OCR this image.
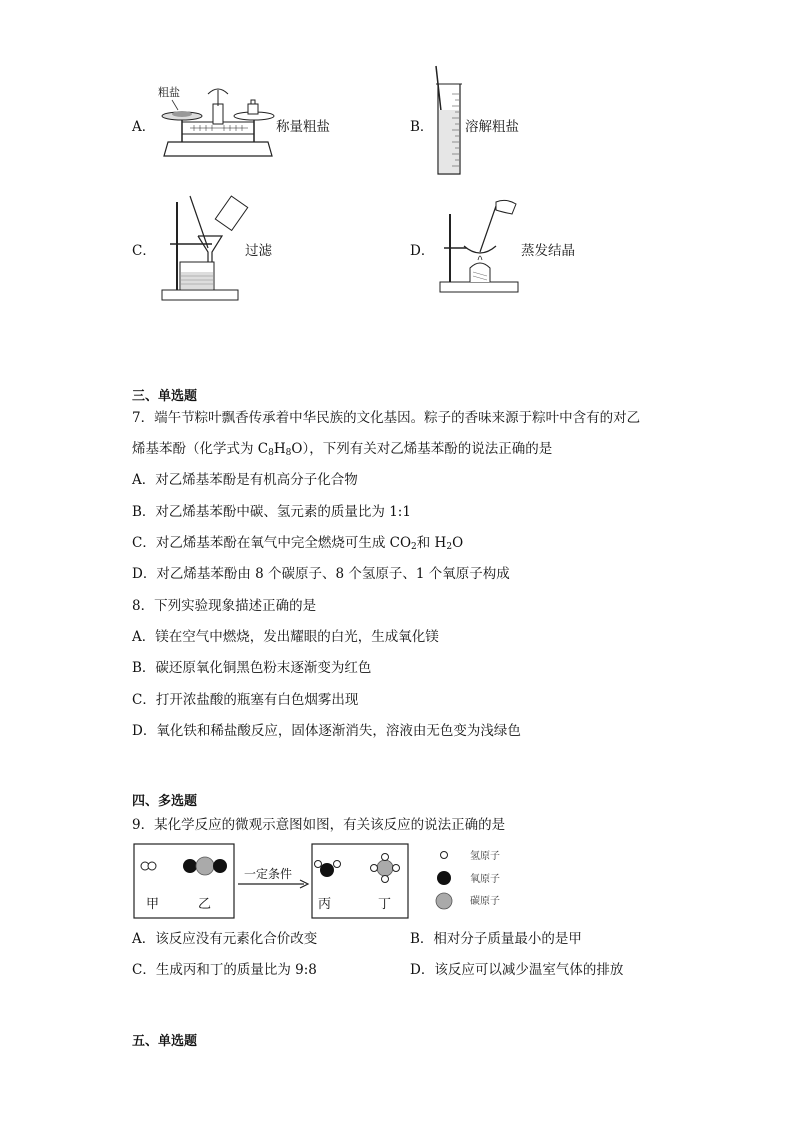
A．
粗盐
称量粗盐	B． 溶解粗盐
C．	过滤	D．	蒸发结晶
三、单选题
7．端午节粽叶飘香传承着中华民族的文化基因。粽子的香味来源于粽叶中含有的对乙
烯基苯酚（化学式为 $C_8H_8O$），下列有关对乙烯基苯酚的说法正确的是
A．对乙烯基苯酚是有机高分子化合物
B．对乙烯基苯酚中碳、氢元素的质量比为 1:1
C．对乙烯基苯酚在氧气中完全燃烧可生成 $CO_2$和 $H_2O$
D．对乙烯基苯酚由 8 个碳原子、8 个氢原子、1 个氧原子构成
8．下列实验现象描述正确的是
A．镁在空气中燃烧，发出耀眼的白光，生成氧化镁
B．碳还原氧化铜黑色粉末逐渐变为红色
C．打开浓盐酸的瓶塞有白色烟雾出现
D．氧化铁和稀盐酸反应，固体逐渐消失，溶液由无色变为浅绿色
四、多选题
9．某化学反应的微观示意图如图，有关该反应的说法正确的是
甲	乙
一定条件
丙	丁
氢原子
氧原子
碳原子
A．该反应没有元素化合价改变	B．相对分子质量最小的是甲
C．生成丙和丁的质量比为 9:8	D．该反应可以减少温室气体的排放
五、单选题
